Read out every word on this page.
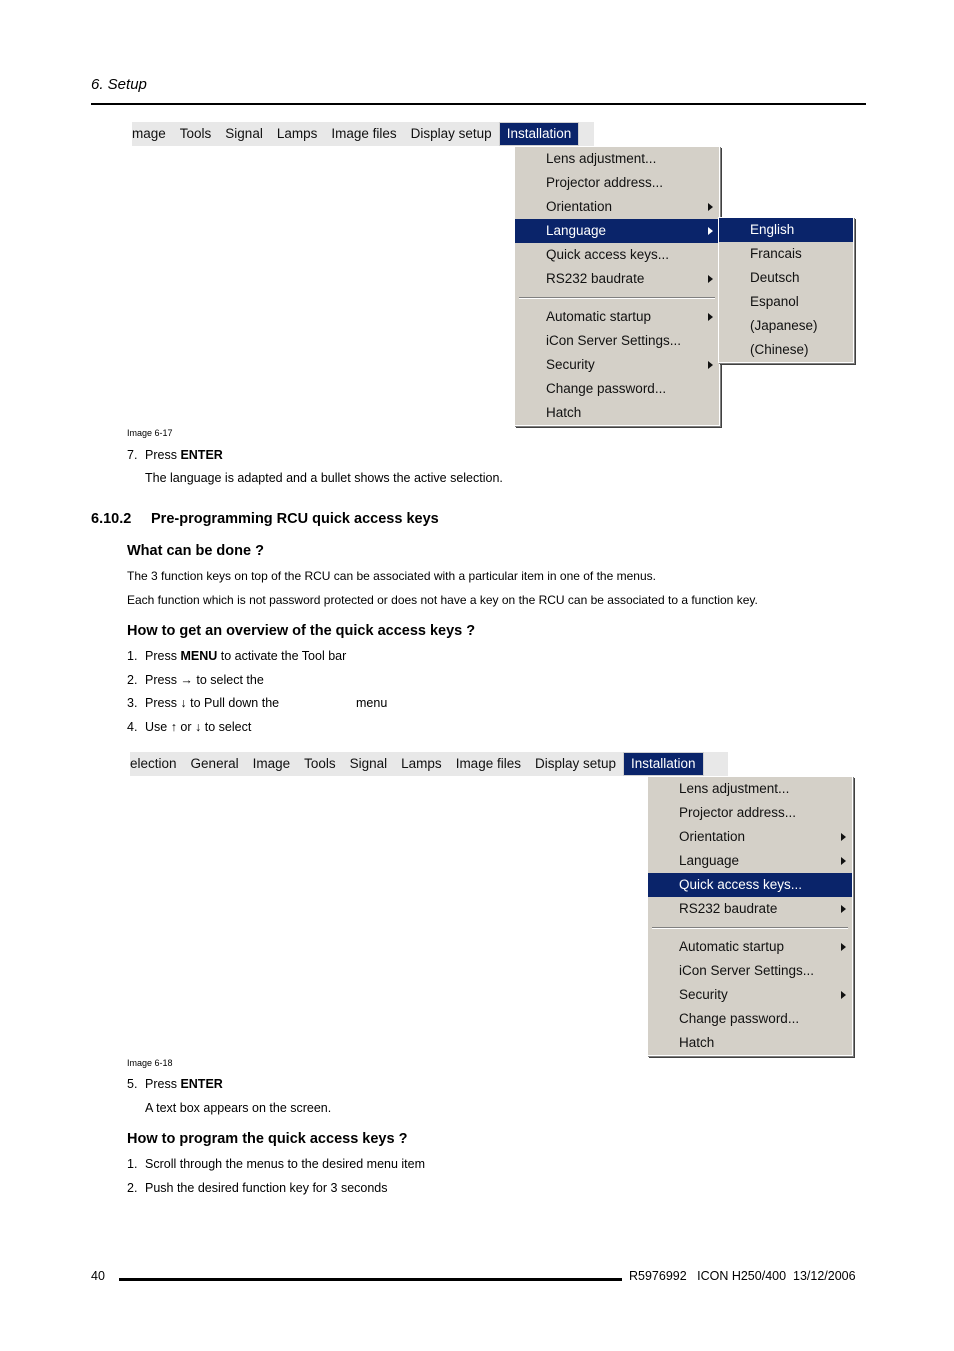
6. Setup
mage	Tools	Signal	Lamps	Image files	Display setup	Installation
Lens adjustment...
Projector address...
Orientation
Language
Quick access keys...
RS232 baudrate
Automatic startup
iCon Server Settings...
Security
Change password...
Hatch
English
Francais
Deutsch
Espanol
(Japanese)
(Chinese)
Image 6-17
7. Press ENTER
The language is adapted and a bullet shows the active selection.
6.10.2 Pre-programming RCU quick access keys
What can be done ?
The 3 function keys on top of the RCU can be associated with a particular item in one of the menus.
Each function which is not password protected or does not have a key on the RCU can be associated to a function key.
How to get an overview of the quick access keys ?
1. Press MENU to activate the Tool bar
2. Press → to select the
3. Press ↓ to Pull down the	menu
4. Use ↑ or ↓ to select
election	General	Image	Tools	Signal	Lamps	Image files	Display setup	Installation
Lens adjustment...
Projector address...
Orientation
Language
Quick access keys...
RS232 baudrate
Automatic startup
iCon Server Settings...
Security
Change password...
Hatch
Image 6-18
5. Press ENTER
A text box appears on the screen.
How to program the quick access keys ?
1. Scroll through the menus to the desired menu item
2. Push the desired function key for 3 seconds
40	R5976992   ICON H250/400  13/12/2006
